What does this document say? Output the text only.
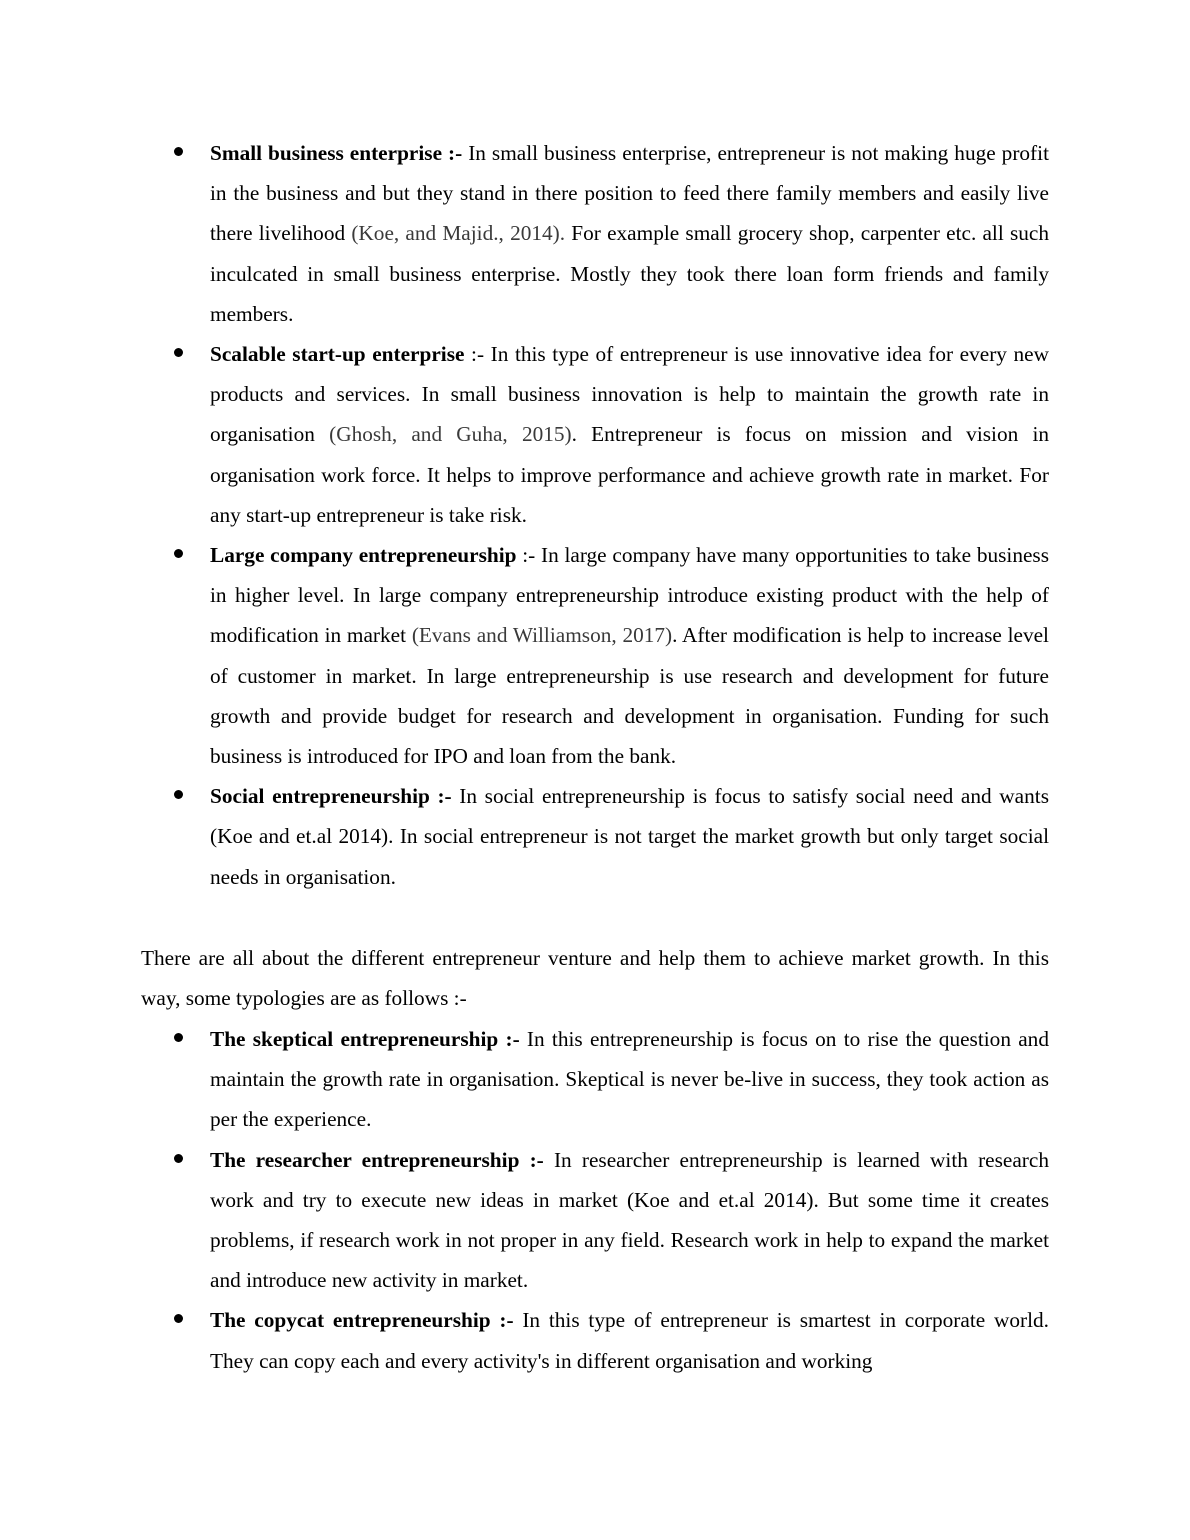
Small business enterprise :- In small business enterprise, entrepreneur is not making huge profit in the business and but they stand in there position to feed there family members and easily live there livelihood (Koe, and Majid., 2014). For example small grocery shop, carpenter etc. all such inculcated in small business enterprise. Mostly they took there loan form friends and family members.
Scalable start-up enterprise :- In this type of entrepreneur is use innovative idea for every new products and services. In small business innovation is help to maintain the growth rate in organisation (Ghosh, and Guha, 2015). Entrepreneur is focus on mission and vision in organisation work force. It helps to improve performance and achieve growth rate in market. For any start-up entrepreneur is take risk.
Large company entrepreneurship :- In large company have many opportunities to take business in higher level. In large company entrepreneurship introduce existing product with the help of modification in market (Evans and Williamson, 2017). After modification is help to increase level of customer in market. In large entrepreneurship is use research and development for future growth and provide budget for research and development in organisation. Funding for such business is introduced for IPO and loan from the bank.
Social entrepreneurship :- In social entrepreneurship is focus to satisfy social need and wants (Koe and et.al 2014). In social entrepreneur is not target the market growth but only target social needs in organisation.

There are all about the different entrepreneur venture and help them to achieve market growth. In this way, some typologies are as follows :-

The skeptical entrepreneurship :- In this entrepreneurship is focus on to rise the question and maintain the growth rate in organisation. Skeptical is never be-live in success, they took action as per the experience.
The researcher entrepreneurship :- In researcher entrepreneurship is learned with research work and try to execute new ideas in market (Koe and et.al 2014). But some time it creates problems, if research work in not proper in any field. Research work in help to expand the market and introduce new activity in market.
The copycat entrepreneurship :- In this type of entrepreneur is smartest in corporate world. They can copy each and every activity's in different organisation and working
